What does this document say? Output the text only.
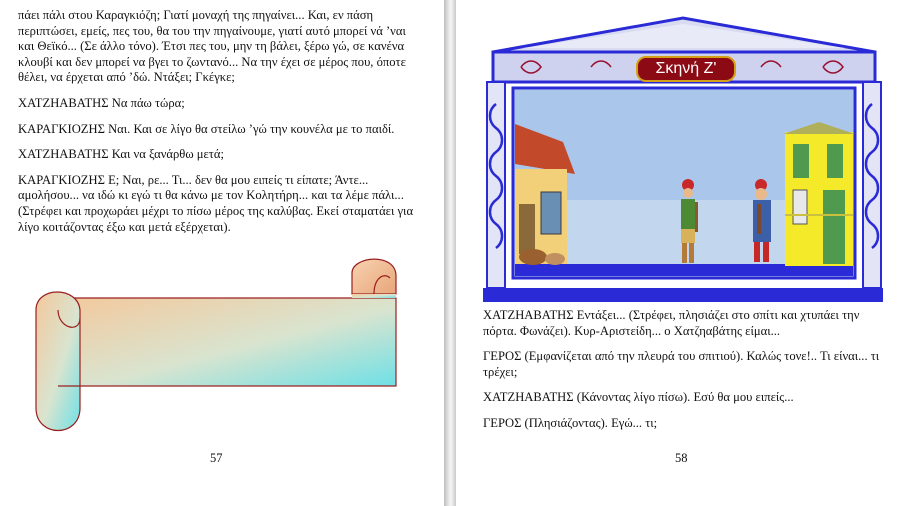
πάει πάλι στου Καραγκιόζη; Γιατί μοναχή της πηγαίνει... Και, εν πάση περιπτώσει, εμείς, πες του, θα του την πηγαίνουμε, γιατί αυτό μπορεί νά ’ναι και Θεϊκό... (Σε άλλο τόνο). Έτσι πες του, μην τη βάλει, ξέρω γώ, σε κανένα κλουβί και δεν μπορεί να βγει το ζωντανό... Να την έχει σε μέρος που, όποτε θέλει, να έρχεται από ’δώ. Ντάξει; Γκέγκε;

ΧΑΤΖΗΑΒΑΤΗΣ Να πάω τώρα;

ΚΑΡΑΓΚΙΟΖΗΣ Ναι. Και σε λίγο θα στείλω ’γώ την κουνέλα με το παιδί.

ΧΑΤΖΗΑΒΑΤΗΣ Και να ξανάρθω μετά;

ΚΑΡΑΓΚΙΟΖΗΣ Ε; Ναι, ρε... Τι... δεν θα μου ειπείς τι είπατε; Άντε... αμολήσου... να ιδώ κι εγώ τι θα κάνω με τον Κολητήρη... και τα λέμε πάλι... (Στρέφει και προχωράει μέχρι το πίσω μέρος της καλύβας. Εκεί σταματάει για λίγο κοιτάζοντας έξω και μετά εξέρχεται).

57
Σκηνή Ζ'

ΧΑΤΖΗΑΒΑΤΗΣ Εντάξει... (Στρέφει, πλησιάζει στο σπίτι και χτυπάει την πόρτα. Φωνάζει). Κυρ-Αριστείδη... ο Χατζηαβάτης είμαι...

ΓΕΡΟΣ (Εμφανίζεται από την πλευρά του σπιτιού). Καλώς τονε!.. Τι είναι... τι τρέχει;

ΧΑΤΖΗΑΒΑΤΗΣ (Κάνοντας λίγο πίσω). Εσύ θα μου ειπείς...

ΓΕΡΟΣ (Πλησιάζοντας). Εγώ... τι;

58
